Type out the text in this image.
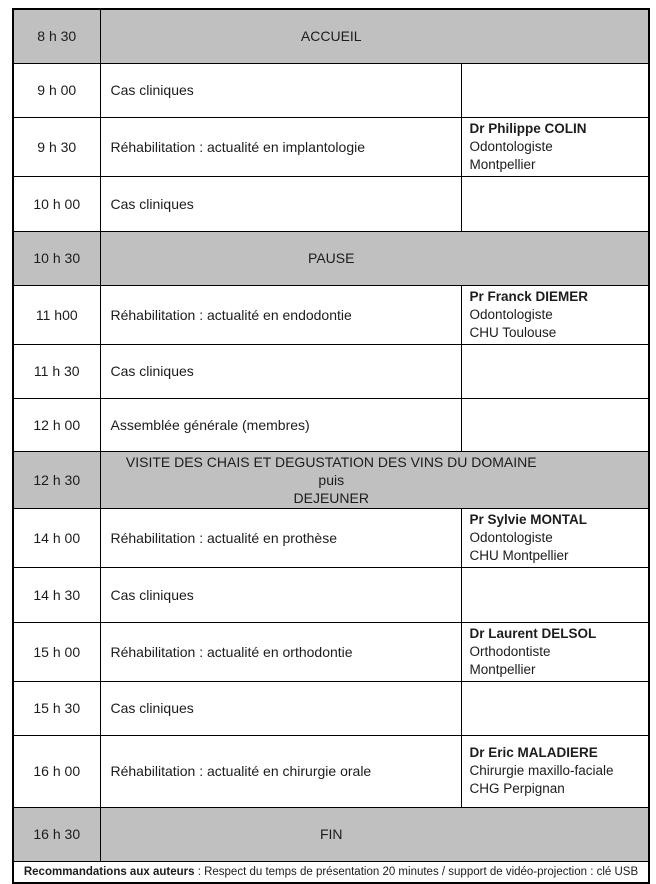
8 h 30	ACCUEIL	
9 h 00	Cas cliniques	
9 h 30	Réhabilitation : actualité en implantologie	Dr Philippe COLIN
Odontologiste
Montpellier
10 h 00	Cas cliniques	
10 h 30	PAUSE	
11 h00	Réhabilitation : actualité en endodontie	Pr Franck DIEMER
Odontologiste
CHU Toulouse
11 h 30	Cas cliniques	
12 h 00	Assemblée générale (membres)	
12 h 30	VISITE DES CHAIS ET DEGUSTATION DES VINS DU DOMAINE
puis
DEJEUNER	
14 h 00	Réhabilitation : actualité en prothèse	Pr Sylvie MONTAL
Odontologiste
CHU Montpellier
14 h 30	Cas cliniques	
15 h 00	Réhabilitation : actualité en orthodontie	Dr Laurent DELSOL
Orthodontiste
Montpellier
15 h 30	Cas cliniques	
16 h 00	Réhabilitation : actualité en chirurgie orale	Dr Eric MALADIERE
Chirurgie maxillo-faciale
CHG Perpignan
16 h 30	FIN	
Recommandations aux auteurs : Respect du temps de présentation 20 minutes / support de vidéo-projection : clé USB		
